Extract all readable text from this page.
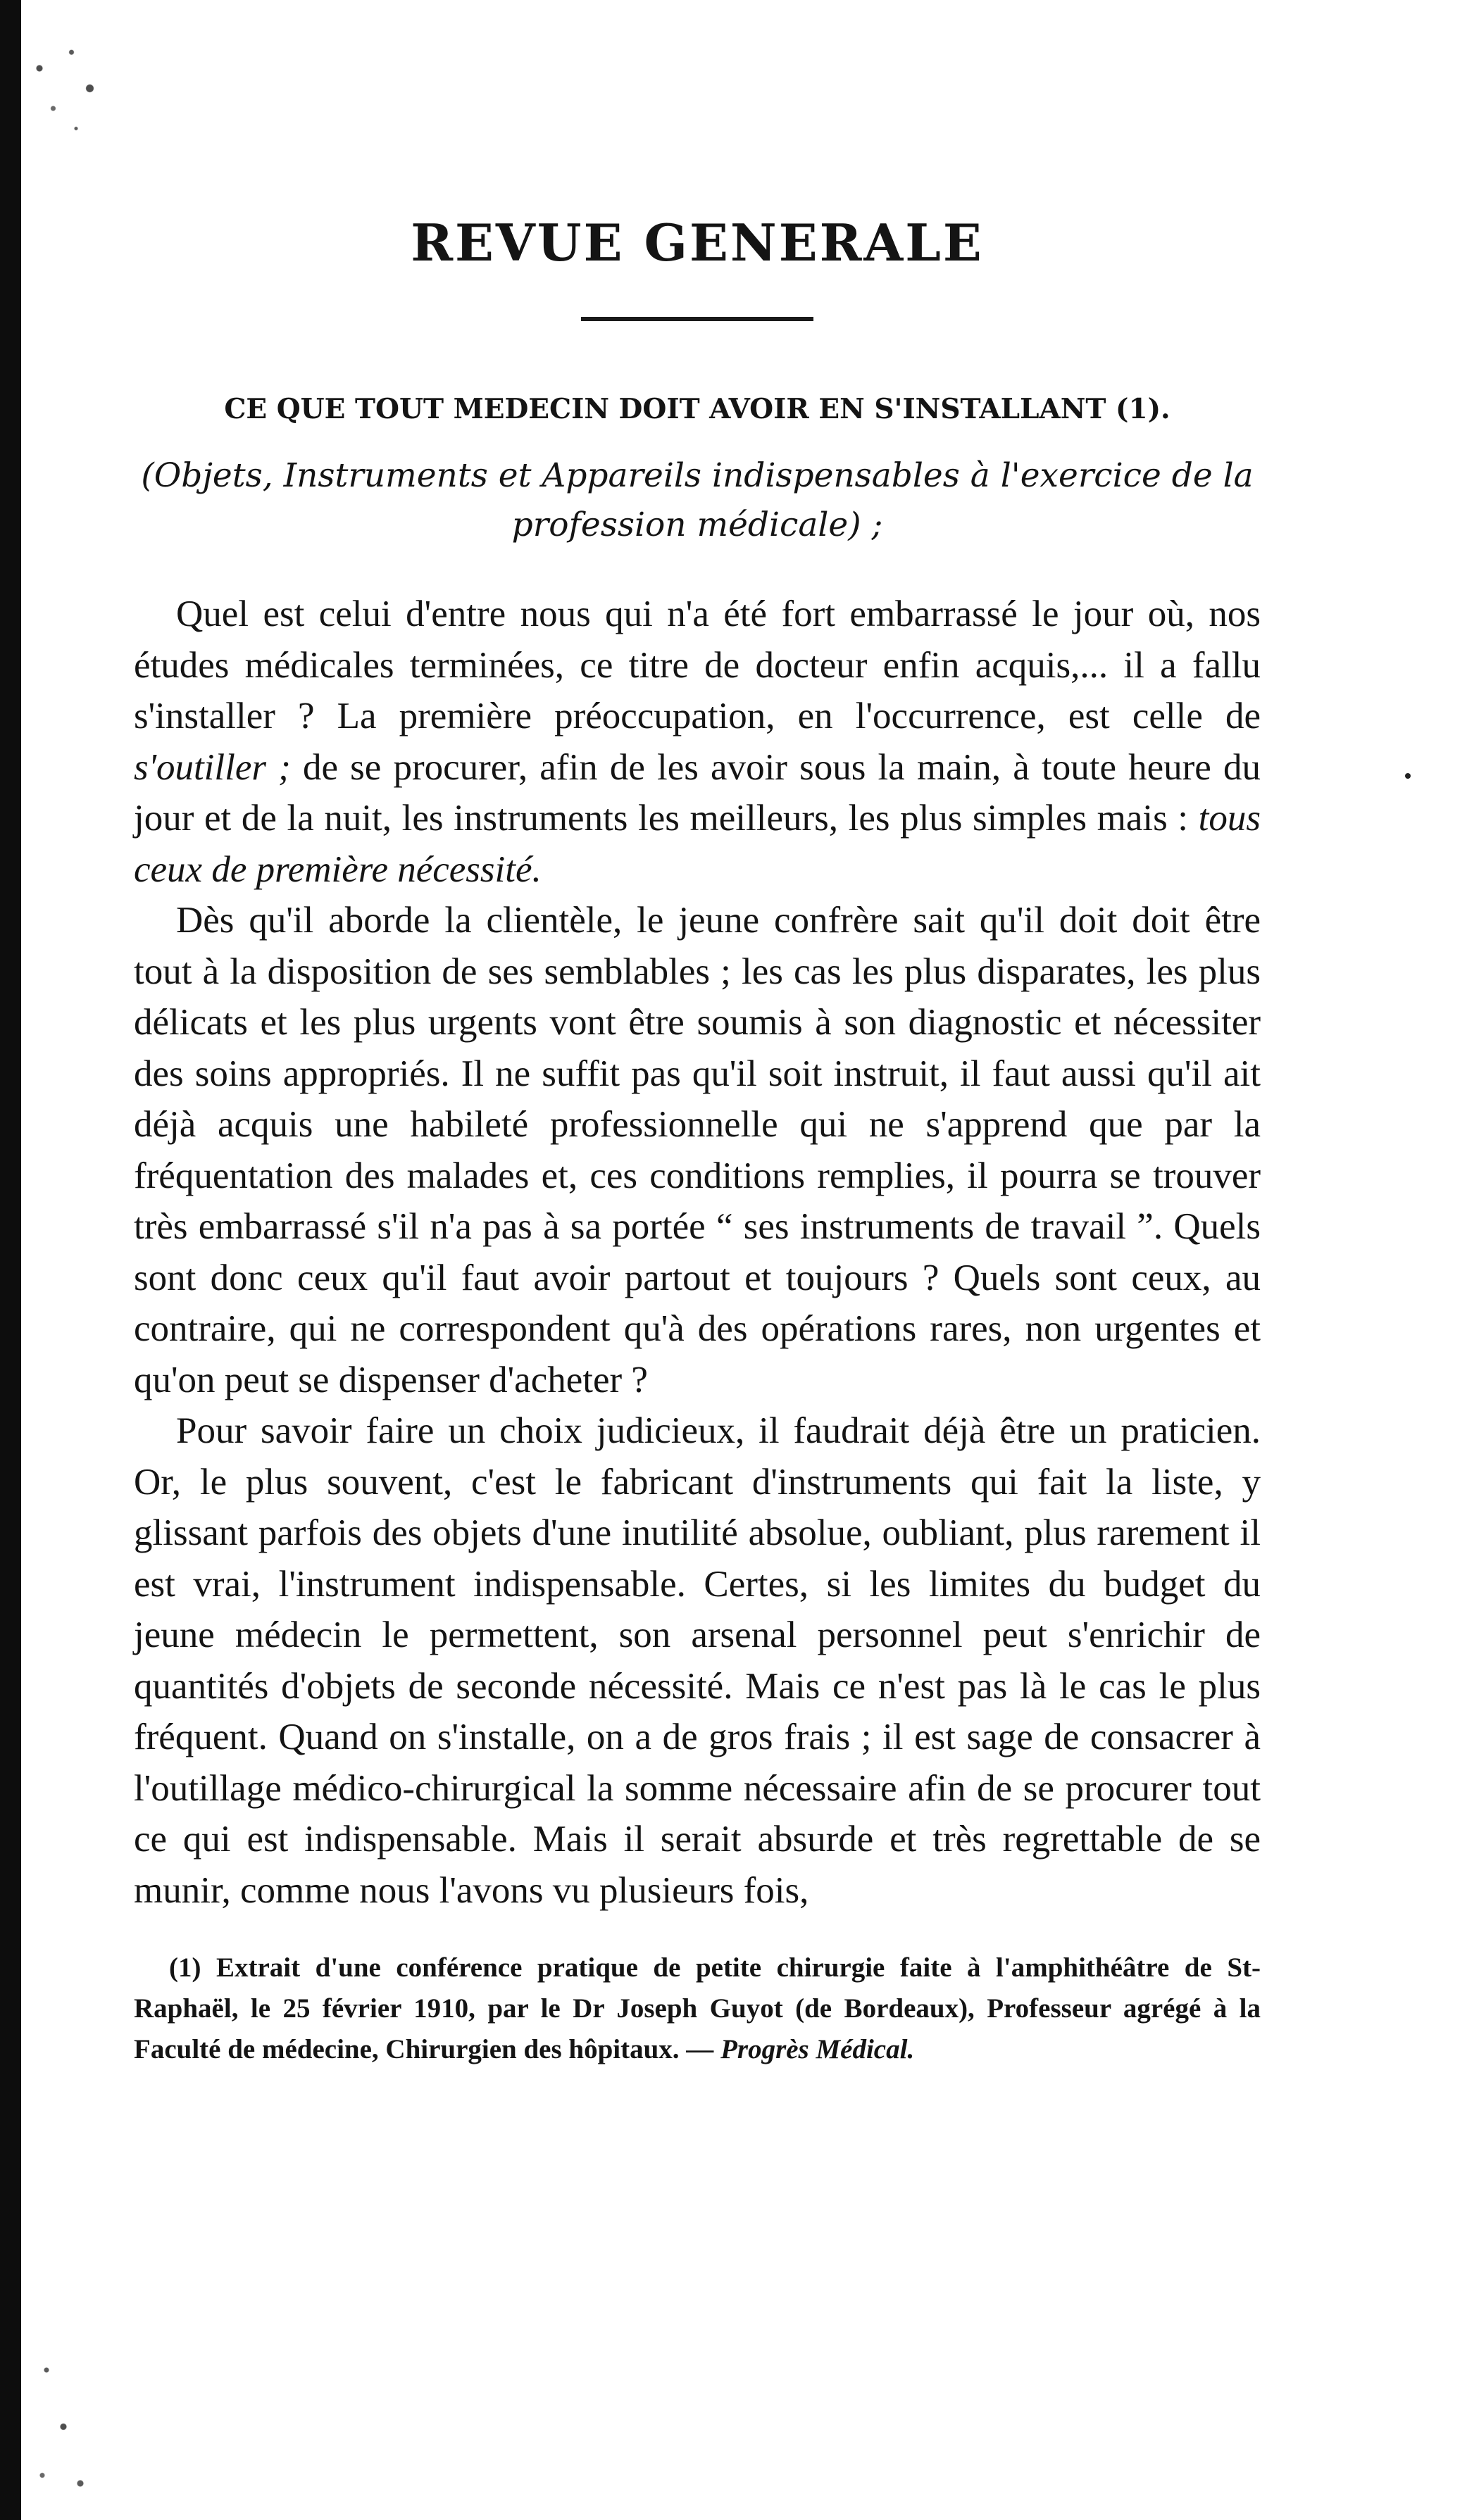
REVUE GENERALE
CE QUE TOUT MEDECIN DOIT AVOIR EN S'INSTALLANT (1).
(Objets, Instruments et Appareils indispensables à l'exercice de la profession médicale) ;

Quel est celui d'entre nous qui n'a été fort embarrassé le jour où, nos études médicales terminées, ce titre de docteur enfin acquis,... il a fallu s'installer ? La première préoccupation, en l'occurrence, est celle de s'outiller ; de se procurer, afin de les avoir sous la main, à toute heure du jour et de la nuit, les instruments les meilleurs, les plus simples mais : tous ceux de première nécessité.

Dès qu'il aborde la clientèle, le jeune confrère sait qu'il doit doit être tout à la disposition de ses semblables ; les cas les plus disparates, les plus délicats et les plus urgents vont être soumis à son diagnostic et nécessiter des soins appropriés. Il ne suffit pas qu'il soit instruit, il faut aussi qu'il ait déjà acquis une habileté professionnelle qui ne s'apprend que par la fréquentation des malades et, ces conditions remplies, il pourra se trouver très embarrassé s'il n'a pas à sa portée “ ses instruments de travail ”. Quels sont donc ceux qu'il faut avoir partout et toujours ? Quels sont ceux, au contraire, qui ne correspondent qu'à des opérations rares, non urgentes et qu'on peut se dispenser d'acheter ?

Pour savoir faire un choix judicieux, il faudrait déjà être un praticien. Or, le plus souvent, c'est le fabricant d'instruments qui fait la liste, y glissant parfois des objets d'une inutilité absolue, oubliant, plus rarement il est vrai, l'instrument indispensable. Certes, si les limites du budget du jeune médecin le permettent, son arsenal personnel peut s'enrichir de quantités d'objets de seconde nécessité. Mais ce n'est pas là le cas le plus fréquent. Quand on s'installe, on a de gros frais ; il est sage de consacrer à l'outillage médico-chirurgical la somme nécessaire afin de se procurer tout ce qui est indispensable. Mais il serait absurde et très regrettable de se munir, comme nous l'avons vu plusieurs fois,

(1) Extrait d'une conférence pratique de petite chirurgie faite à l'amphithéâtre de St-Raphaël, le 25 février 1910, par le Dr Joseph Guyot (de Bordeaux), Professeur agrégé à la Faculté de médecine, Chirurgien des hôpitaux. — Progrès Médical.
